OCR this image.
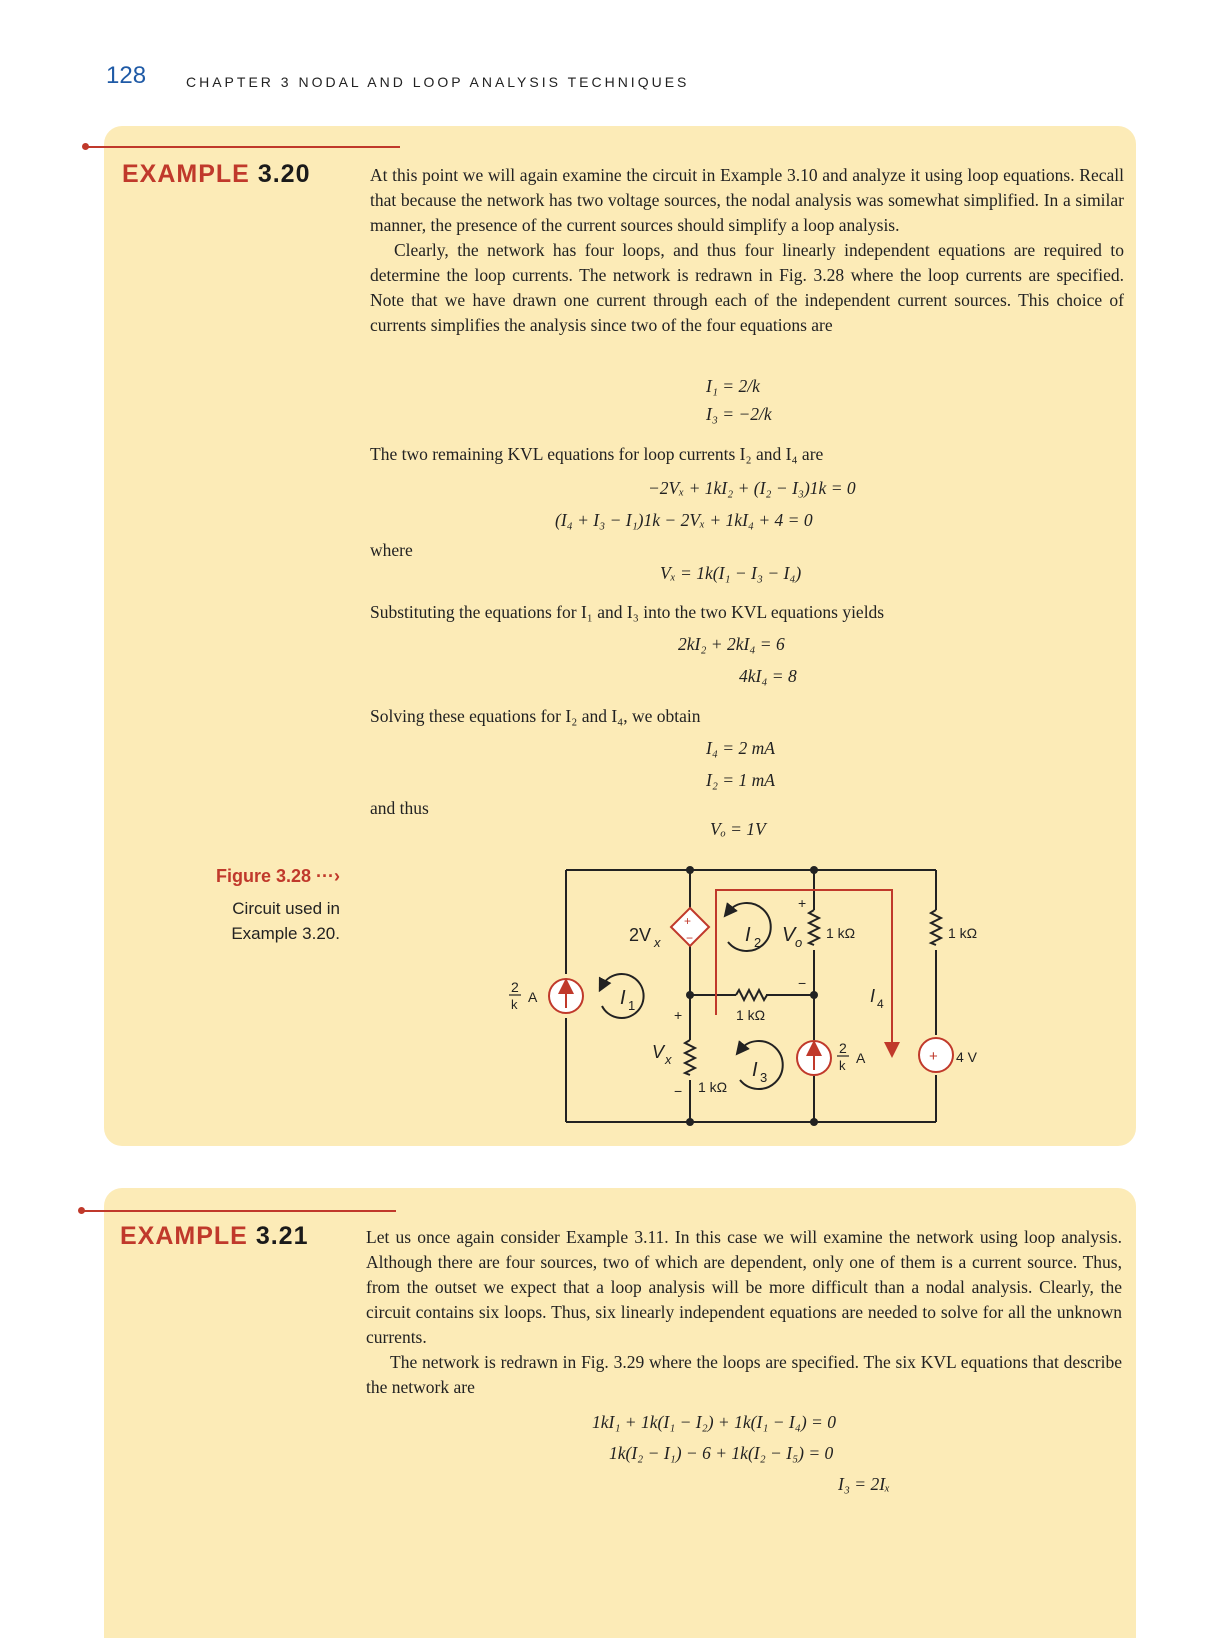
128	CHAPTER 3 NODAL AND LOOP ANALYSIS TECHNIQUES
EXAMPLE 3.20	At this point we will again examine the circuit in Example 3.10 and analyze it using loop equations. Recall that because the network has two voltage sources, the nodal analysis was somewhat simplified. In a similar manner, the presence of the current sources should simplify a loop analysis.

Clearly, the network has four loops, and thus four linearly independent equations are required to determine the loop currents. The network is redrawn in Fig. 3.28 where the loop currents are specified. Note that we have drawn one current through each of the independent current sources. This choice of currents simplifies the analysis since two of the four equations are

I₁ = 2/k
I₃ = −2/k
The two remaining KVL equations for loop currents I₂ and I₄ are
−2Vₓ + 1kI₂ + (I₂ − I₃)1k = 0
(I₄ + I₃ − I₁)1k − 2Vₓ + 1kI₄ + 4 = 0
where
Vₓ = 1k(I₁ − I₃ − I₄)
Substituting the equations for I₁ and I₃ into the two KVL equations yields
2kI₂ + 2kI₄ = 6
4kI₄ = 8
Solving these equations for I₂ and I₄, we obtain
I₄ = 2 mA
I₂ = 1 mA
and thus
Vₒ = 1V
Figure 3.28 ···›
Circuit used in
Example 3.20.
+
−
+
2V x	I 2 V o
+
−
1 kΩ	1 kΩ
1 kΩ
1 kΩ
I 4
I 1
I 3
V x
+
−
2
k A
2
k A	4 V
EXAMPLE 3.21	Let us once again consider Example 3.11. In this case we will examine the network using loop analysis. Although there are four sources, two of which are dependent, only one of them is a current source. Thus, from the outset we expect that a loop analysis will be more difficult than a nodal analysis. Clearly, the circuit contains six loops. Thus, six linearly independent equations are needed to solve for all the unknown currents.

The network is redrawn in Fig. 3.29 where the loops are specified. The six KVL equations that describe the network are

1kI₁ + 1k(I₁ − I₂) + 1k(I₁ − I₄) = 0
1k(I₂ − I₁) − 6 + 1k(I₂ − I₅) = 0
I₃ = 2Iₓ
